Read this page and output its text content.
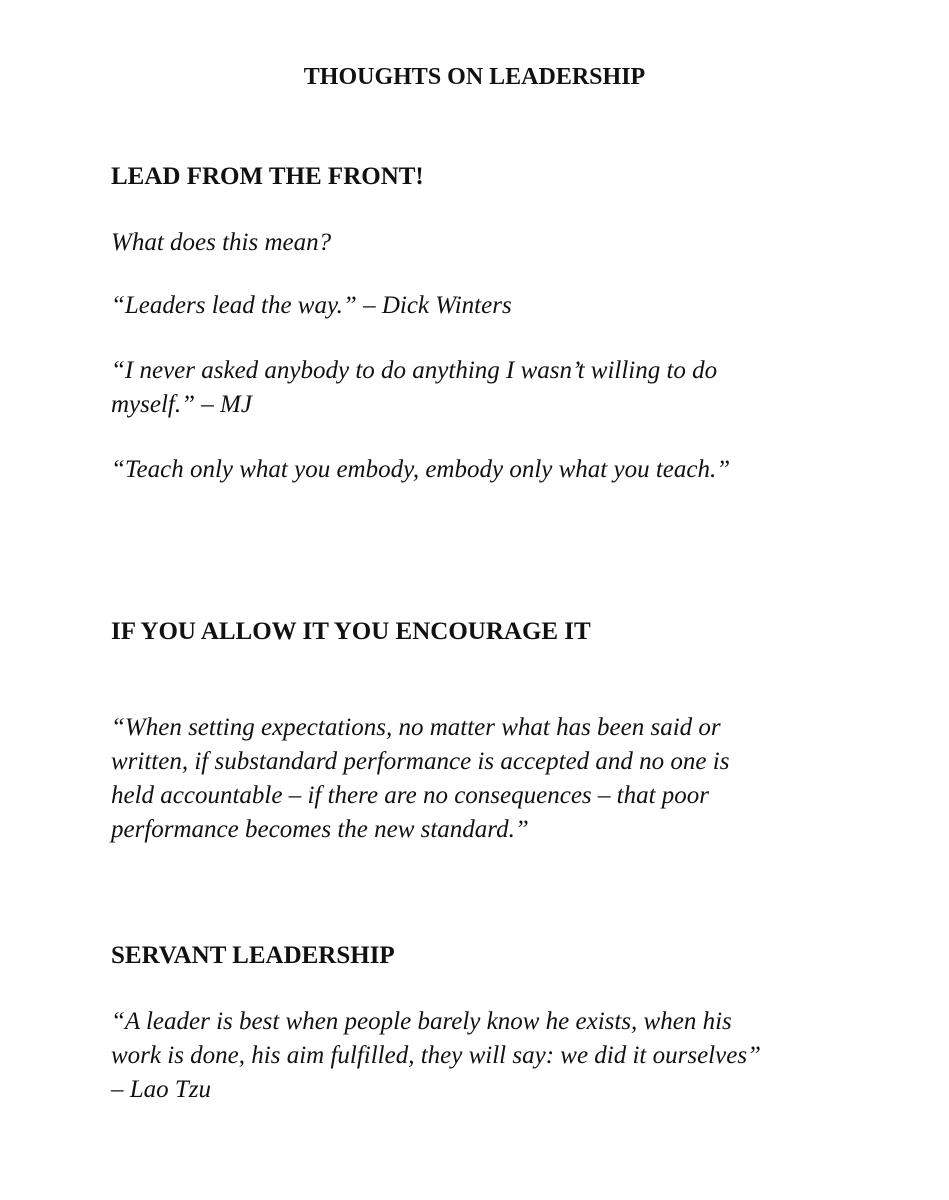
THOUGHTS ON LEADERSHIP
LEAD FROM THE FRONT!

What does this mean?

“Leaders lead the way.” – Dick Winters

“I never asked anybody to do anything I wasn’t willing to do
myself.” – MJ

“Teach only what you embody, embody only what you teach.”

IF YOU ALLOW IT YOU ENCOURAGE IT

“When setting expectations, no matter what has been said or
written, if substandard performance is accepted and no one is
held accountable – if there are no consequences – that poor
performance becomes the new standard.”

SERVANT LEADERSHIP

“A leader is best when people barely know he exists, when his
work is done, his aim fulfilled, they will say: we did it ourselves”
– Lao Tzu
